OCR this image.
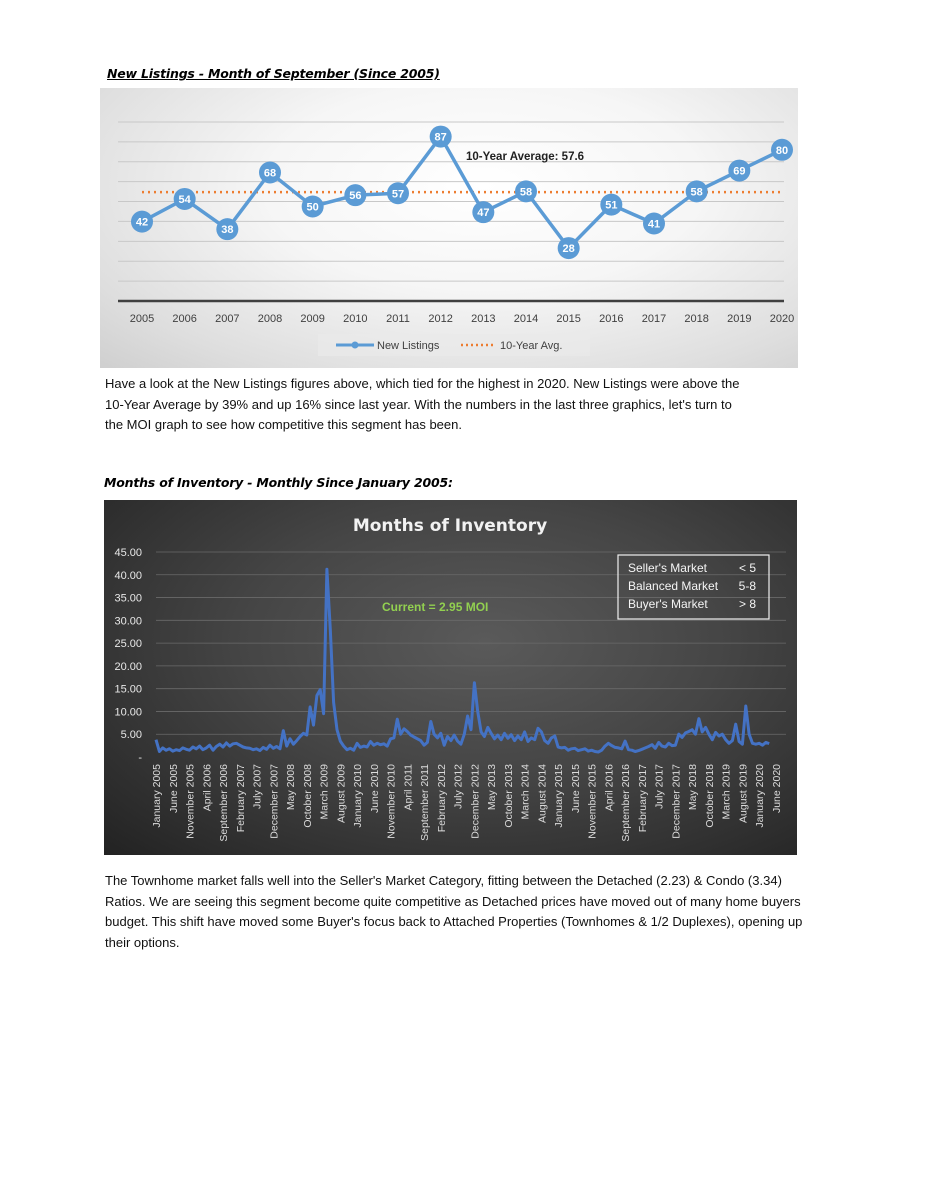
New Listings - Month of September (Since 2005)
42
54
38
68
50
56	57
87
47
58
28
51
41
58
69
80
2005 2006 2007 2008 2009 2010 2011 2012 2013 2014 2015 2016 2017 2018 2019 2020
10-Year Average: 57.6
New Listings	10-Year Avg.
Have a look at the New Listings figures above, which tied for the highest in 2020. New Listings were above the 10-Year Average by 39% and up 16% since last year. With the numbers in the last three graphics, let's turn to the MOI graph to see how competitive this segment has been.
Months of Inventory - Monthly Since January 2005:
Months of Inventory
-
5.00
10.00
15.00
20.00
25.00
30.00
35.00
40.00
45.00
January 2005 June 2005 November 2005 April 2006 September 2006 February 2007 July 2007 December 2007 May 2008 October 2008 March 2009 August 2009 January 2010 June 2010 November 2010 April 2011 September 2011 February 2012 July 2012 December 2012 May 2013 October 2013 March 2014 August 2014 January 2015 June 2015 November 2015 April 2016 September 2016 February 2017 July 2017 December 2017 May 2018 October 2018 March 2019 August 2019 January 2020 June 2020
Current = 2.95 MOI
Seller's Market	< 5
Balanced Market 5-8
Buyer's Market	> 8
The Townhome market falls well into the Seller's Market Category, fitting between the Detached (2.23) & Condo (3.34) Ratios. We are seeing this segment become quite competitive as Detached prices have moved out of many home buyers budget. This shift have moved some Buyer's focus back to Attached Properties (Townhomes & 1/2 Duplexes), opening up their options.
